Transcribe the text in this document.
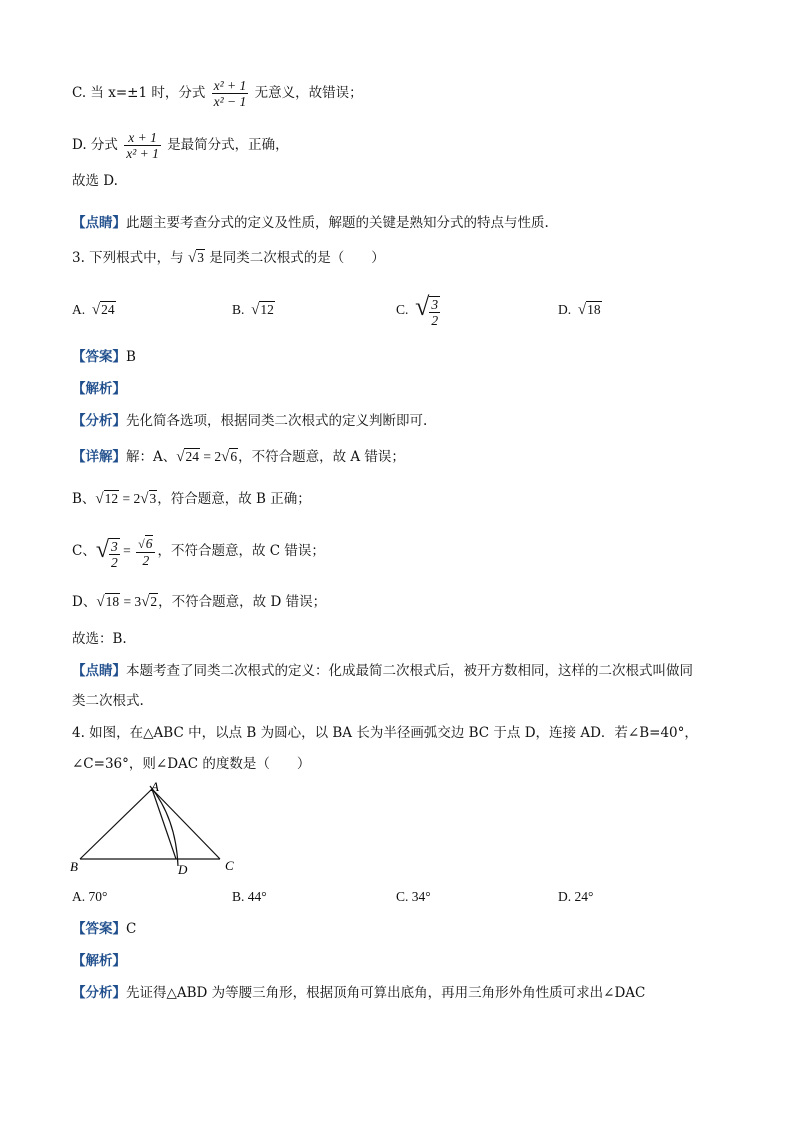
C. 当 x=±1 时，分式 $\frac{\text{x² + 1}}{\text{x² − 1}}$ 无意义，故错误；
D. 分式 $\frac{x + 1}{\text{x² + 1}}$ 是最简分式，正确，
故选 D.
【点睛】此题主要考查分式的定义及性质，解题的关键是熟知分式的特点与性质.
3. 下列根式中，与 √3 是同类二次根式的是（　　）
A. √24	B. √12	C. √ $\frac{3}{2}$	D. √18
【答案】B
【解析】
【分析】先化简各选项，根据同类二次根式的定义判断即可.
【详解】解：A、√24 = 2√6，不符合题意，故 A 错误；
B、√12 = 2√3，符合题意，故 B 正确；
C、√ $\frac{3}{2} = \frac{√6}{2}$ ，不符合题意，故 C 错误；
D、√18 = 3√2，不符合题意，故 D 错误；
故选：B.
【点睛】本题考查了同类二次根式的定义：化成最简二次根式后，被开方数相同，这样的二次根式叫做同
类二次根式.
4. 如图，在△ABC 中，以点 B 为圆心，以 BA 长为半径画弧交边 BC 于点 D，连接 AD．若∠B=40°，
∠C=36°，则∠DAC 的度数是（　　）
A
B	C
D
A. 70°	B. 44°	C. 34°	D. 24°
【答案】C
【解析】
【分析】先证得△ABD 为等腰三角形，根据顶角可算出底角，再用三角形外角性质可求出∠DAC
